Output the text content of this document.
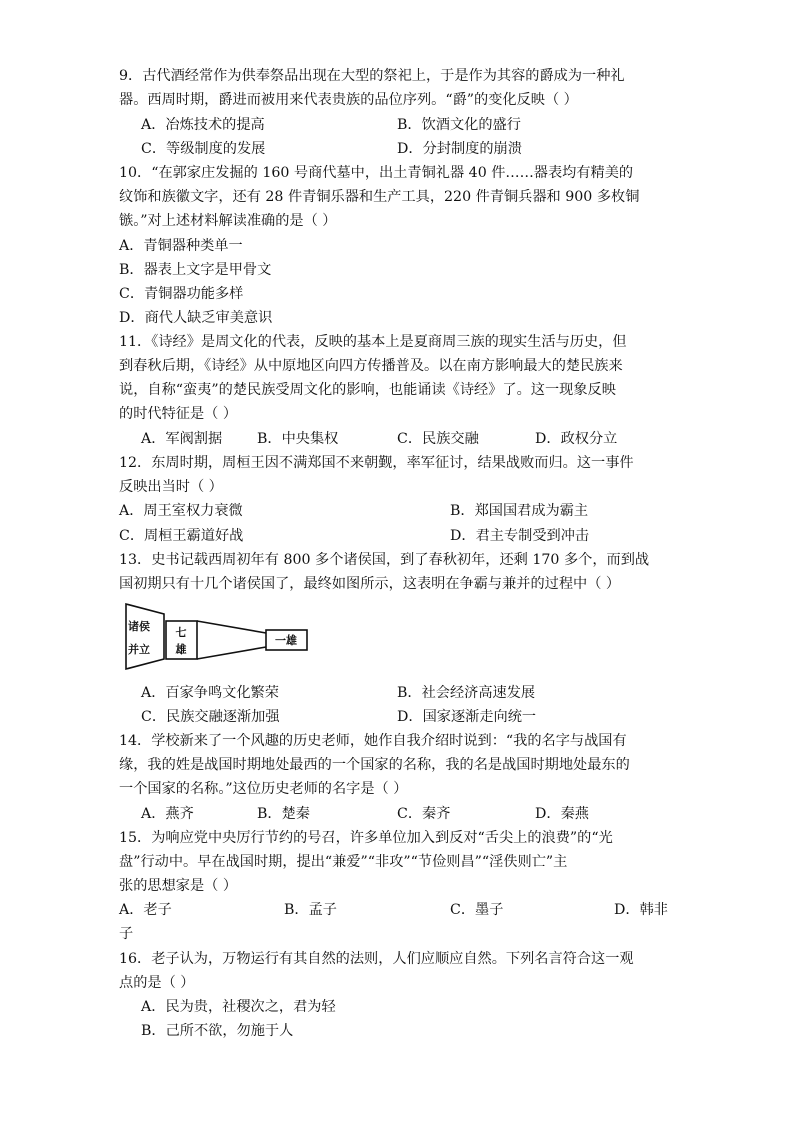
9．古代酒经常作为供奉祭品出现在大型的祭祀上，于是作为其容的爵成为一种礼
器。西周时期，爵进而被用来代表贵族的品位序列。“爵”的变化反映（ ）
A．冶炼技术的提高	B．饮酒文化的盛行
C．等级制度的发展	D．分封制度的崩溃
10．“在郭家庄发掘的 160 号商代墓中，出土青铜礼器 40 件……器表均有精美的
纹饰和族徽文字，还有 28 件青铜乐器和生产工具，220 件青铜兵器和 900 多枚铜
镞。”对上述材料解读准确的是（ ）
A．青铜器种类单一
B．器表上文字是甲骨文
C．青铜器功能多样
D．商代人缺乏审美意识
11．《诗经》是周文化的代表，反映的基本上是夏商周三族的现实生活与历史，但
到春秋后期，《诗经》从中原地区向四方传播普及。以在南方影响最大的楚民族来
说，自称“蛮夷”的楚民族受周文化的影响，也能诵读《诗经》了。这一现象反映
的时代特征是（ ）
A．军阀割据 B．中央集权	C．民族交融	D．政权分立
12．东周时期，周桓王因不满郑国不来朝觐，率军征讨，结果战败而归。这一事件
反映出当时（ ）
A．周王室权力衰微	B．郑国国君成为霸主
C．周桓王霸道好战	D．君主专制受到冲击
13．史书记载西周初年有 800 多个诸侯国，到了春秋初年，还剩 170 多个，而到战
国初期只有十几个诸侯国了，最终如图所示，这表明在争霸与兼并的过程中（ ）
诸侯
并立
七
雄
一雄
A．百家争鸣文化繁荣	B．社会经济高速发展
C．民族交融逐渐加强	D．国家逐渐走向统一
14．学校新来了一个风趣的历史老师，她作自我介绍时说到：“我的名字与战国有
缘，我的姓是战国时期地处最西的一个国家的名称，我的名是战国时期地处最东的
一个国家的名称。”这位历史老师的名字是（ ）
A．燕齐	B．楚秦	C．秦齐	D．秦燕
15．为响应党中央厉行节约的号召，许多单位加入到反对“舌尖上的浪费”的“光
盘”行动中。早在战国时期，提出“兼爱”“非攻”“节俭则昌”“淫佚则亡”主
张的思想家是（ ）
A．老子	B．孟子	C．墨子	D．韩非
子
16．老子认为，万物运行有其自然的法则，人们应顺应自然。下列名言符合这一观
点的是（ ）
A．民为贵，社稷次之，君为轻
B．己所不欲，勿施于人
